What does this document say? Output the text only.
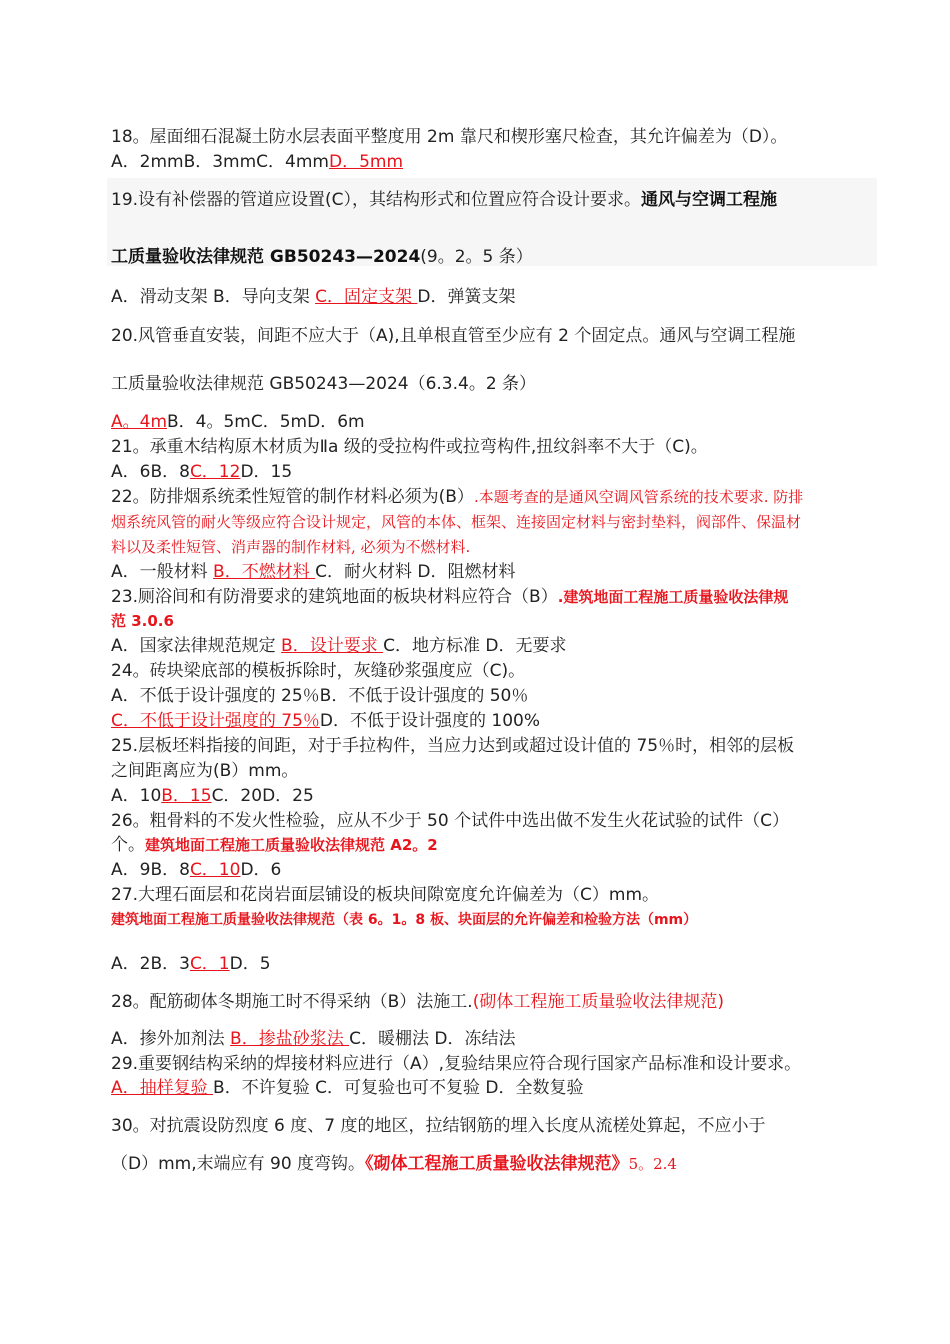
18。屋面细石混凝土防水层表面平整度用 2m 靠尺和楔形塞尺检查，其允许偏差为（D）。
A．2mmB．3mmC．4mmD．5mm
19.设有补偿器的管道应设置(C），其结构形式和位置应符合设计要求。通风与空调工程施
工质量验收法律规范 GB50243—2024(9。2。5 条）
A．滑动支架 B．导向支架 C．固定支架 D．弹簧支架
20.风管垂直安装，间距不应大于（A),且单根直管至少应有 2 个固定点。通风与空调工程施
工质量验收法律规范 GB50243—2024（6.3.4。2 条）
A。4mB．4。5mC．5mD．6m
21。承重木结构原木材质为Ⅱa 级的受拉构件或拉弯构件,扭纹斜率不大于（C)。
A．6B．8C．12D．15
22。防排烟系统柔性短管的制作材料必须为(B）.本题考查的是通风空调风管系统的技术要求. 防排
烟系统风管的耐火等级应符合设计规定，风管的本体、框架、连接固定材料与密封垫料，阀部件、保温材
料以及柔性短管、消声器的制作材料, 必须为不燃材料.
A．一般材料 B．不燃材料 C．耐火材料 D．阻燃材料
23.厕浴间和有防滑要求的建筑地面的板块材料应符合（B）.建筑地面工程施工质量验收法律规
范 3.0.6
A．国家法律规范规定 B．设计要求 C．地方标准 D．无要求
24。砖块梁底部的模板拆除时，灰缝砂浆强度应（C)。
A．不低于设计强度的 25％B．不低于设计强度的 50％
C．不低于设计强度的 75％D．不低于设计强度的 100%
25.层板坯料指接的间距，对于手拉构件，当应力达到或超过设计值的 75％时，相邻的层板
之间距离应为(B）mm。
A．10B．15C．20D．25
26。粗骨料的不发火性检验，应从不少于 50 个试件中选出做不发生火花试验的试件（C）
个。建筑地面工程施工质量验收法律规范 A2。2
A．9B．8C．10D．6
27.大理石面层和花岗岩面层铺设的板块间隙宽度允许偏差为（C）mm。
建筑地面工程施工质量验收法律规范（表 6。1。8 板、块面层的允许偏差和检验方法（mm）
A．2B．3C．1D．5
28。配筋砌体冬期施工时不得采纳（B）法施工.(砌体工程施工质量验收法律规范)
A．掺外加剂法 B．掺盐砂浆法 C．暖棚法 D．冻结法
29.重要钢结构采纳的焊接材料应进行（A）,复验结果应符合现行国家产品标准和设计要求。
A．抽样复验 B．不许复验 C．可复验也可不复验 D．全数复验
30。对抗震设防烈度 6 度、7 度的地区，拉结钢筋的埋入长度从流槎处算起，不应小于
（D）mm,末端应有 90 度弯钩。《砌体工程施工质量验收法律规范》5。2.4
